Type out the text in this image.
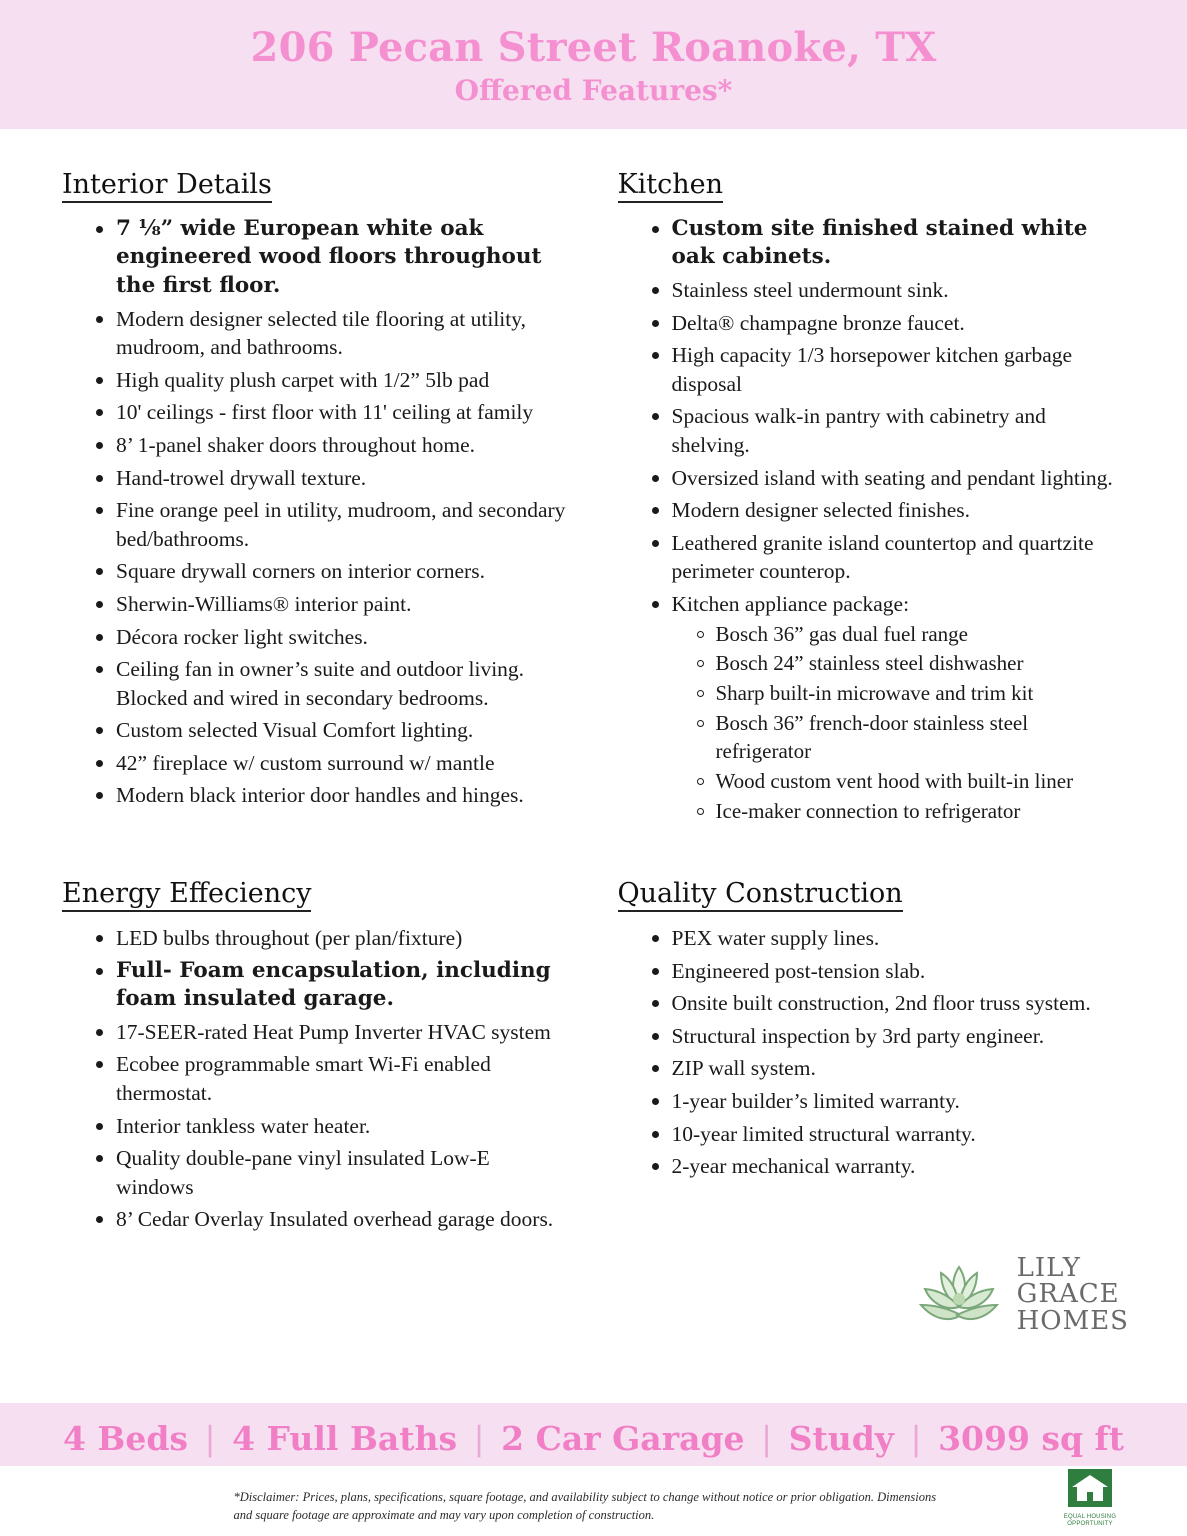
206 Pecan Street Roanoke, TX
Offered Features*
Interior Details
7 ⅛” wide European white oak engineered wood floors throughout the first floor.
Modern designer selected tile flooring at utility, mudroom, and bathrooms.
High quality plush carpet with 1/2” 5lb pad
10' ceilings - first floor with 11' ceiling at family
8’ 1-panel shaker doors throughout home.
Hand-trowel drywall texture.
Fine orange peel in utility, mudroom, and secondary bed/bathrooms.
Square drywall corners on interior corners.
Sherwin-Williams® interior paint.
Décora rocker light switches.
Ceiling fan in owner’s suite and outdoor living. Blocked and wired in secondary bedrooms.
Custom selected Visual Comfort lighting.
42” fireplace w/ custom surround w/ mantle
Modern black interior door handles and hinges.
Kitchen
Custom site finished stained white oak cabinets.
Stainless steel undermount sink.
Delta® champagne bronze faucet.
High capacity 1/3 horsepower kitchen garbage disposal
Spacious walk-in pantry with cabinetry and shelving.
Oversized island with seating and pendant lighting.
Modern designer selected finishes.
Leathered granite island countertop and quartzite perimeter counterop.
Kitchen appliance package:
Bosch 36” gas dual fuel range
Bosch 24” stainless steel dishwasher
Sharp built-in microwave and trim kit
Bosch 36” french-door stainless steel refrigerator
Wood custom vent hood with built-in liner
Ice-maker connection to refrigerator
Energy Effeciency
LED bulbs throughout (per plan/fixture)
Full- Foam encapsulation, including foam insulated garage.
17-SEER-rated Heat Pump Inverter HVAC system
Ecobee programmable smart Wi-Fi enabled thermostat.
Interior tankless water heater.
Quality double-pane vinyl insulated Low-E windows
8’ Cedar Overlay Insulated overhead garage doors.
Quality Construction
PEX water supply lines.
Engineered post-tension slab.
Onsite built construction, 2nd floor truss system.
Structural inspection by 3rd party engineer.
ZIP wall system.
1-year builder’s limited warranty.
10-year limited structural warranty.
2-year mechanical warranty.
LILY
GRACE
HOMES
4 Beds | 4 Full Baths | 2 Car Garage | Study | 3099 sq ft
*Disclaimer: Prices, plans, specifications, square footage, and availability subject to change without notice or prior obligation. Dimensions and square footage are approximate and may vary upon completion of construction.	EQUAL HOUSING OPPORTUNITY
